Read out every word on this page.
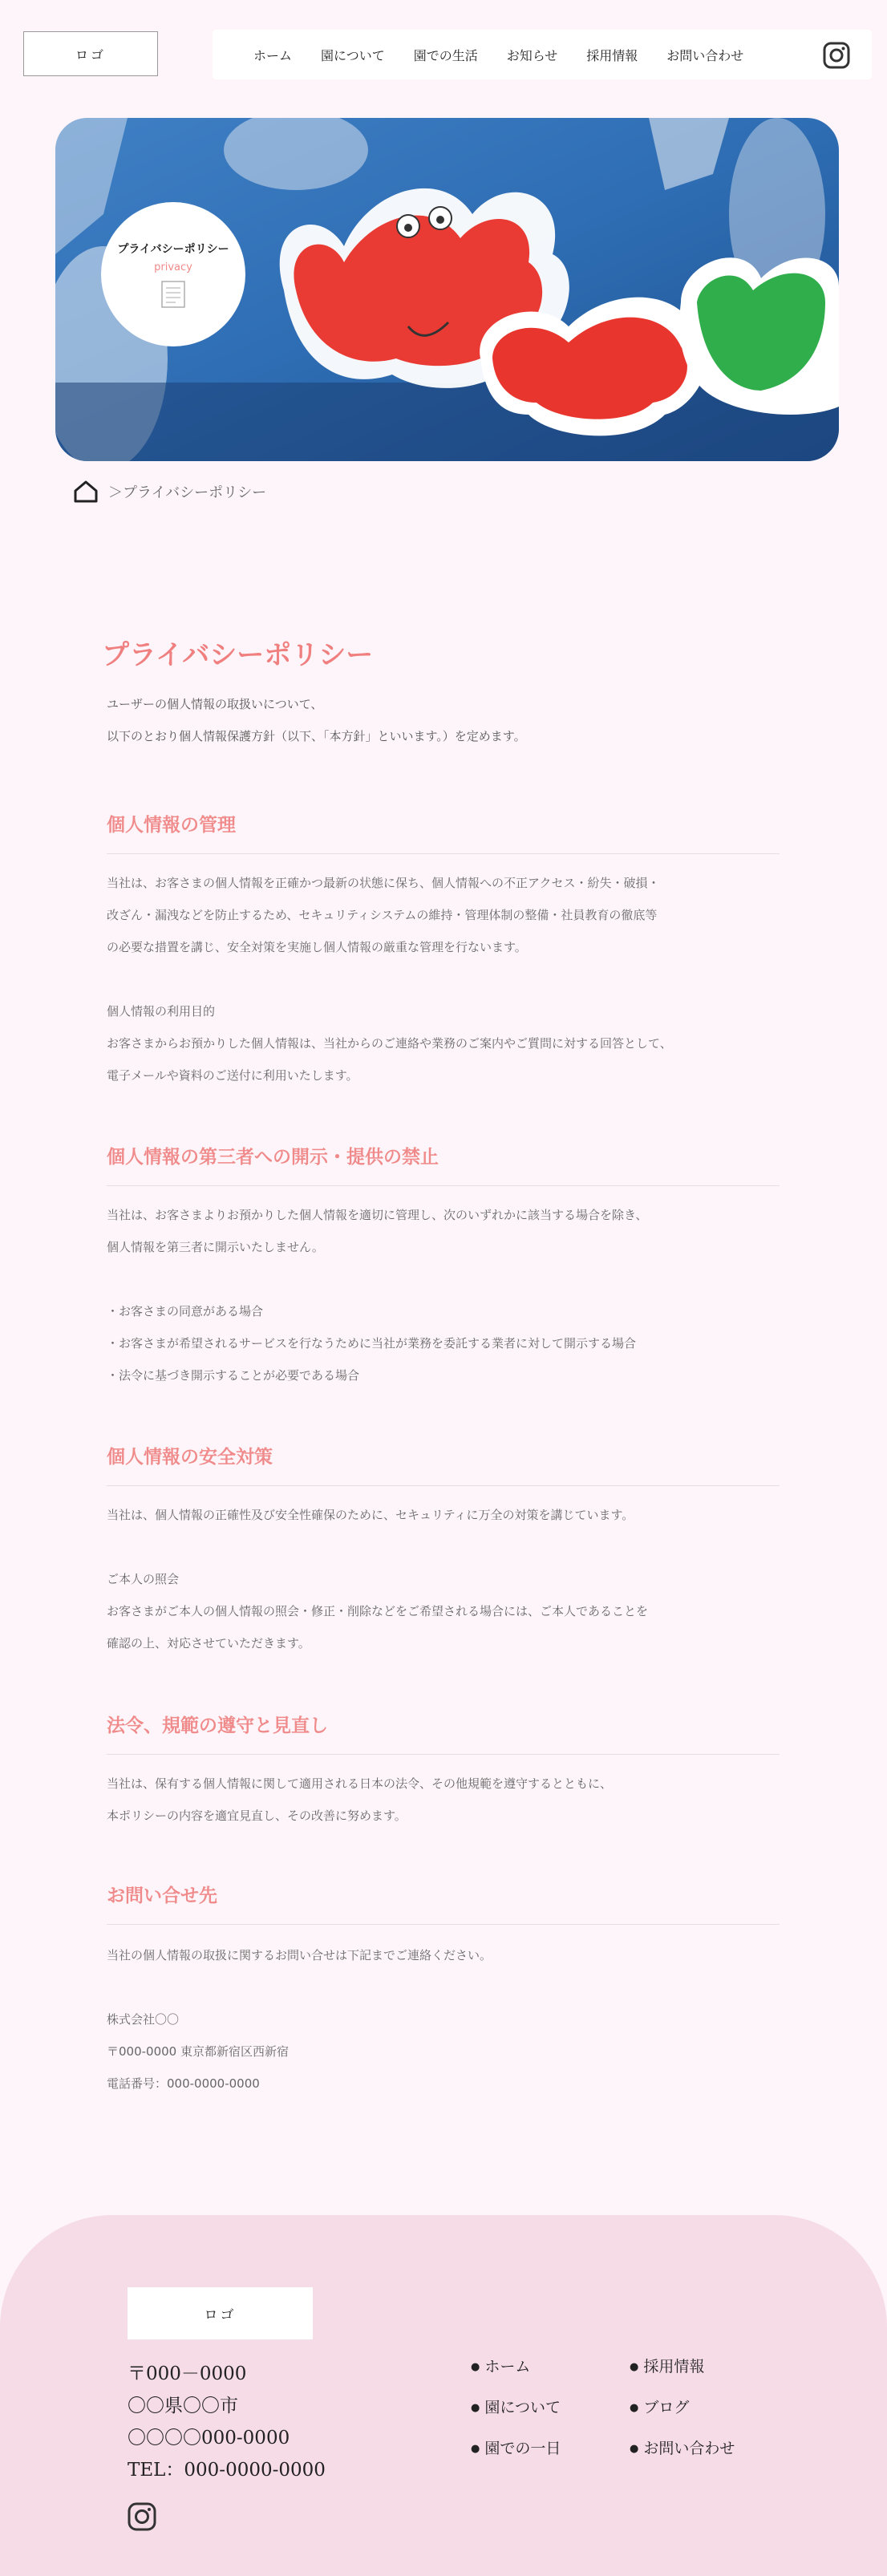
ロゴ	ホーム 園について 園での生活 お知らせ 採用情報 お問い合わせ
プライバシーポリシー
privacy
＞プライバシーポリシー
プライバシーポリシー
ユーザーの個人情報の取扱いについて、
以下のとおり個人情報保護方針（以下、「本方針」といいます。）を定めます。
個人情報の管理
当社は、お客さまの個人情報を正確かつ最新の状態に保ち、個人情報への不正アクセス・紛失・破損・
改ざん・漏洩などを防止するため、セキュリティシステムの維持・管理体制の整備・社員教育の徹底等
の必要な措置を講じ、安全対策を実施し個人情報の厳重な管理を行ないます。

個人情報の利用目的
お客さまからお預かりした個人情報は、当社からのご連絡や業務のご案内やご質問に対する回答として、
電子メールや資料のご送付に利用いたします。
個人情報の第三者への開示・提供の禁止
当社は、お客さまよりお預かりした個人情報を適切に管理し、次のいずれかに該当する場合を除き、
個人情報を第三者に開示いたしません。

・お客さまの同意がある場合
・お客さまが希望されるサービスを行なうために当社が業務を委託する業者に対して開示する場合
・法令に基づき開示することが必要である場合
個人情報の安全対策
当社は、個人情報の正確性及び安全性確保のために、セキュリティに万全の対策を講じています。

ご本人の照会
お客さまがご本人の個人情報の照会・修正・削除などをご希望される場合には、ご本人であることを
確認の上、対応させていただきます。
法令、規範の遵守と見直し
当社は、保有する個人情報に関して適用される日本の法令、その他規範を遵守するとともに、
本ポリシーの内容を適宜見直し、その改善に努めます。
お問い合せ先
当社の個人情報の取扱に関するお問い合せは下記までご連絡ください。

株式会社〇〇
〒000-0000 東京都新宿区西新宿
電話番号：000-0000-0000
ロゴ
〒000－0000
〇〇県〇〇市
〇〇〇〇000-0000
TEL：000-0000-0000
● ホーム
● 園について
● 園での一日
● 採用情報
● ブログ
● お問い合わせ
